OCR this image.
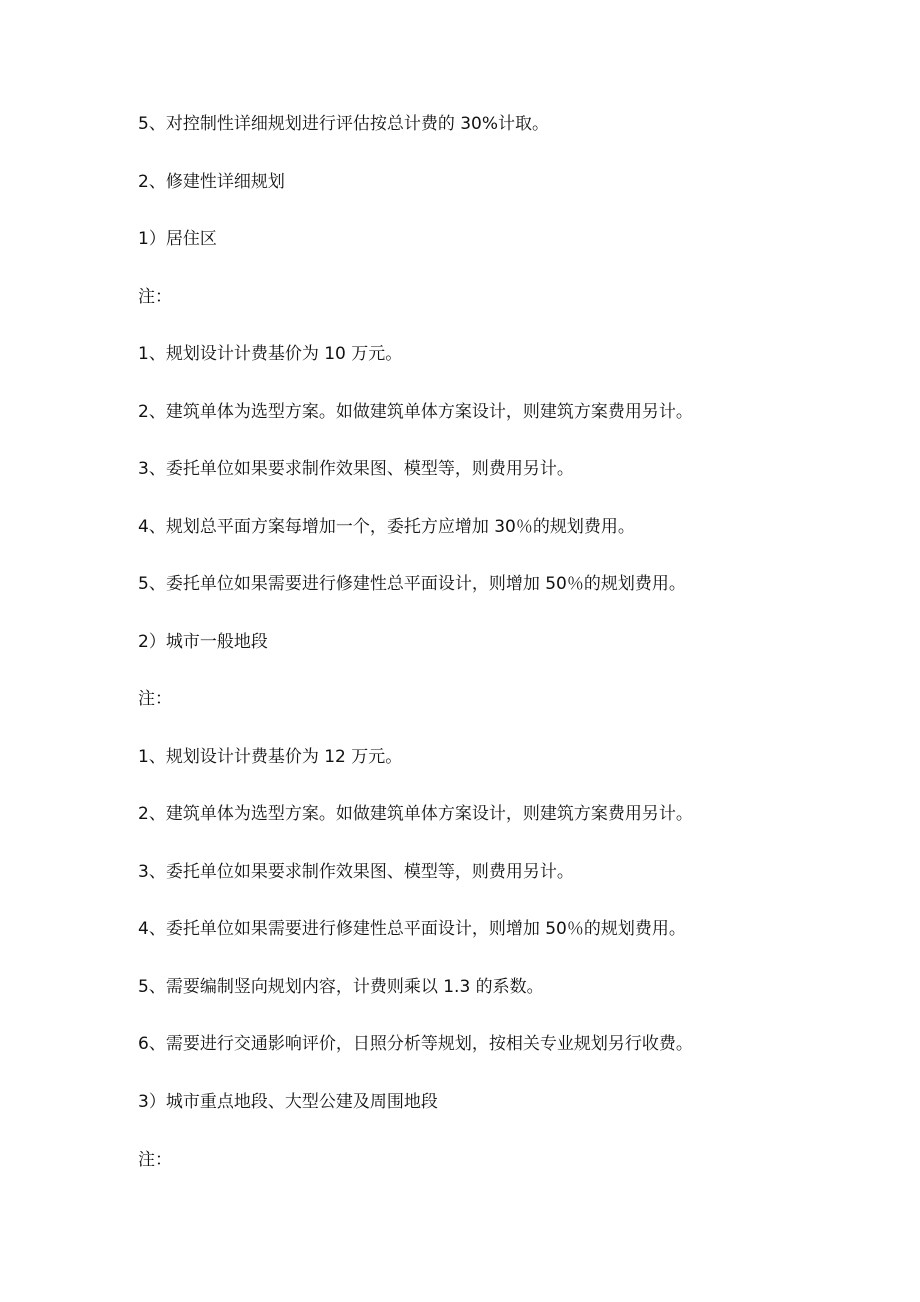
5、对控制性详细规划进行评估按总计费的 30%计取。

2、修建性详细规划

1）居住区

注：

1、规划设计计费基价为 10 万元。

2、建筑单体为选型方案。如做建筑单体方案设计，则建筑方案费用另计。

3、委托单位如果要求制作效果图、模型等，则费用另计。

4、规划总平面方案每增加一个，委托方应增加 30％的规划费用。

5、委托单位如果需要进行修建性总平面设计，则增加 50％的规划费用。

2）城市一般地段

注：

1、规划设计计费基价为 12 万元。

2、建筑单体为选型方案。如做建筑单体方案设计，则建筑方案费用另计。

3、委托单位如果要求制作效果图、模型等，则费用另计。

4、委托单位如果需要进行修建性总平面设计，则增加 50％的规划费用。

5、需要编制竖向规划内容，计费则乘以 1.3 的系数。

6、需要进行交通影响评价，日照分析等规划，按相关专业规划另行收费。

3）城市重点地段、大型公建及周围地段

注：
